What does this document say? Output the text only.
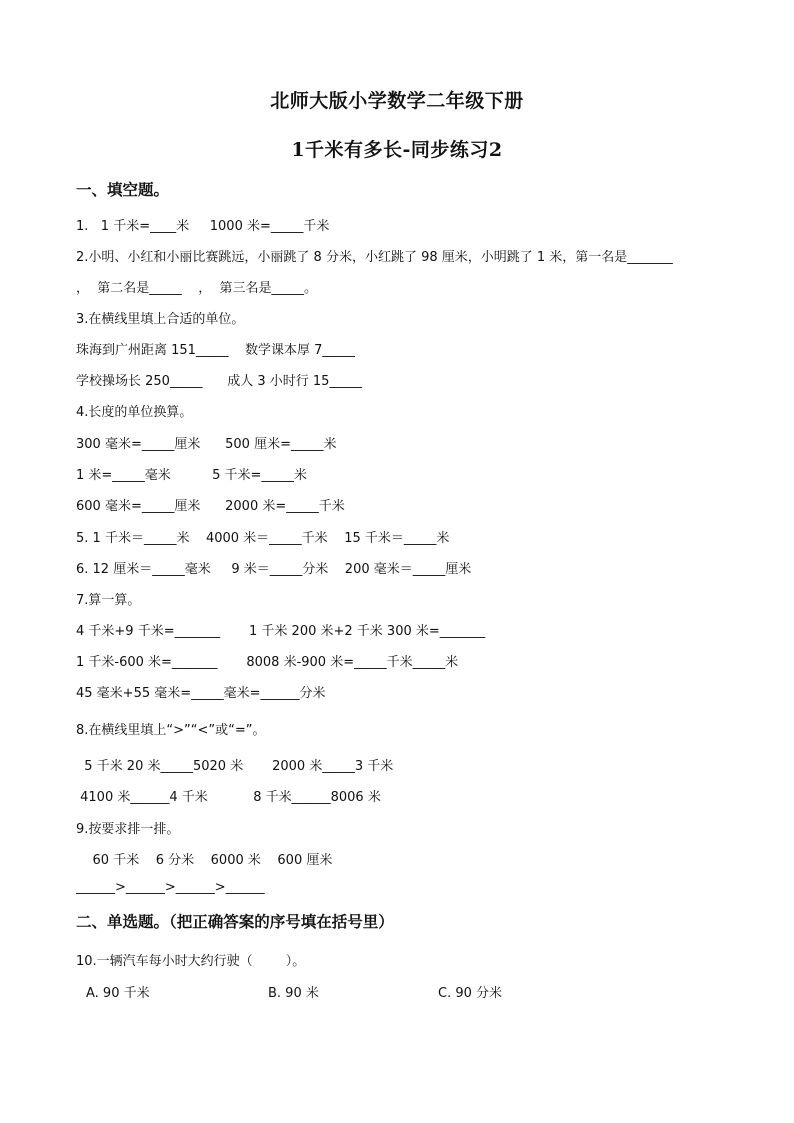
北师大版小学数学二年级下册
1千米有多长-同步练习2
一、填空题。
1.   1 千米=____米     1000 米=_____千米
2.小明、小红和小丽比赛跳远，小丽跳了 8 分米，小红跳了 98 厘米，小明跳了 1 米，第一名是_______
，  第二名是_____    ，  第三名是_____。
3.在横线里填上合适的单位。
珠海到广州距离 151_____    数学课本厚 7_____
学校操场长 250_____      成人 3 小时行 15_____
4.长度的单位换算。
300 毫米=_____厘米      500 厘米=_____米
1 米=_____毫米          5 千米=_____米
600 毫米=_____厘米      2000 米=_____千米
5. 1 千米＝_____米    4000 米＝_____千米    15 千米＝_____米
6. 12 厘米＝_____毫米     9 米＝_____分米    200 毫米＝_____厘米
7.算一算。
4 千米+9 千米=_______       1 千米 200 米+2 千米 300 米=_______
1 千米-600 米=_______       8008 米-900 米=_____千米_____米
45 毫米+55 毫米=_____毫米=______分米
8.在横线里填上“>”“<”或“=”。
5 千米 20 米_____5020 米       2000 米_____3 千米
4100 米______4 千米           8 千米______8006 米
9.按要求排一排。
60 千米    6 分米    6000 米    600 厘米
______>______>______>______
二、单选题。（把正确答案的序号填在括号里）
10.一辆汽车每小时大约行驶（        ）。
A. 90 千米	B. 90 米	C. 90 分米
